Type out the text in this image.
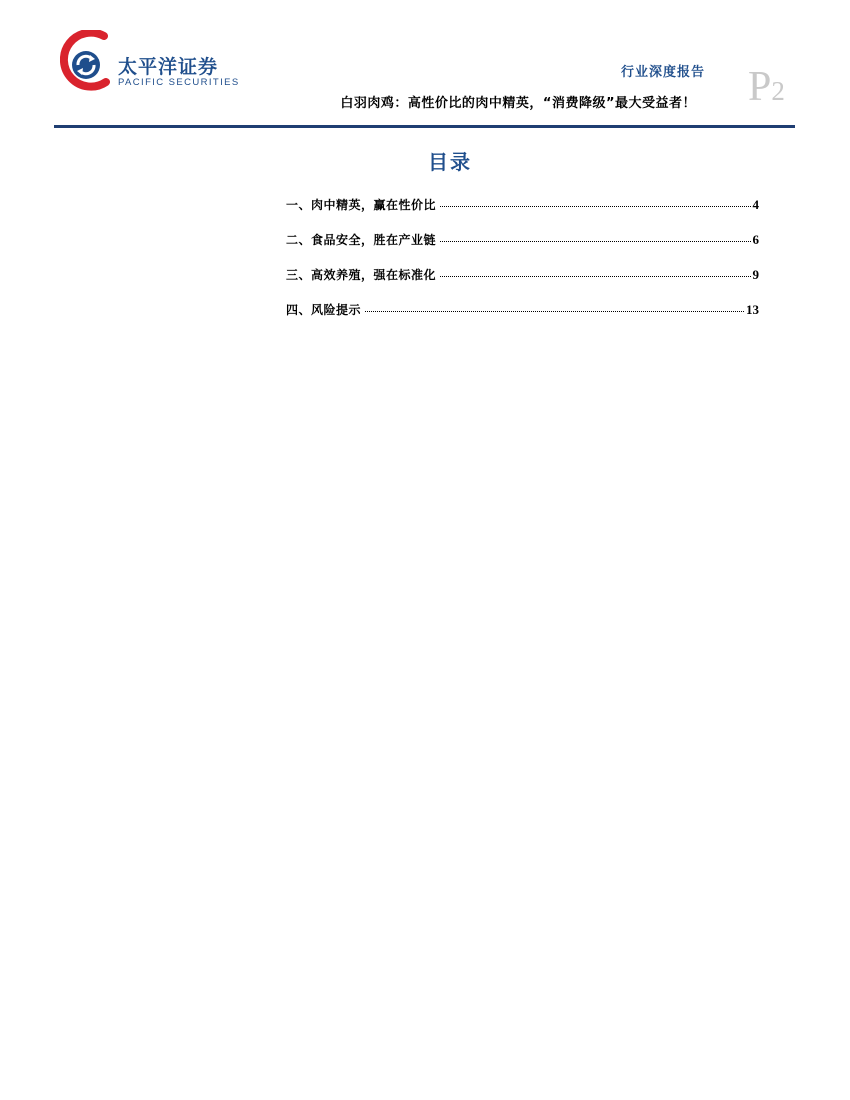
太平洋证券
PACIFIC SECURITIES
行业深度报告 P2
白羽肉鸡：高性价比的肉中精英，“消费降级”最大受益者！
目录
一、肉中精英，赢在性价比	4
二、食品安全，胜在产业链	6
三、高效养殖，强在标准化	9
四、风险提示	13
